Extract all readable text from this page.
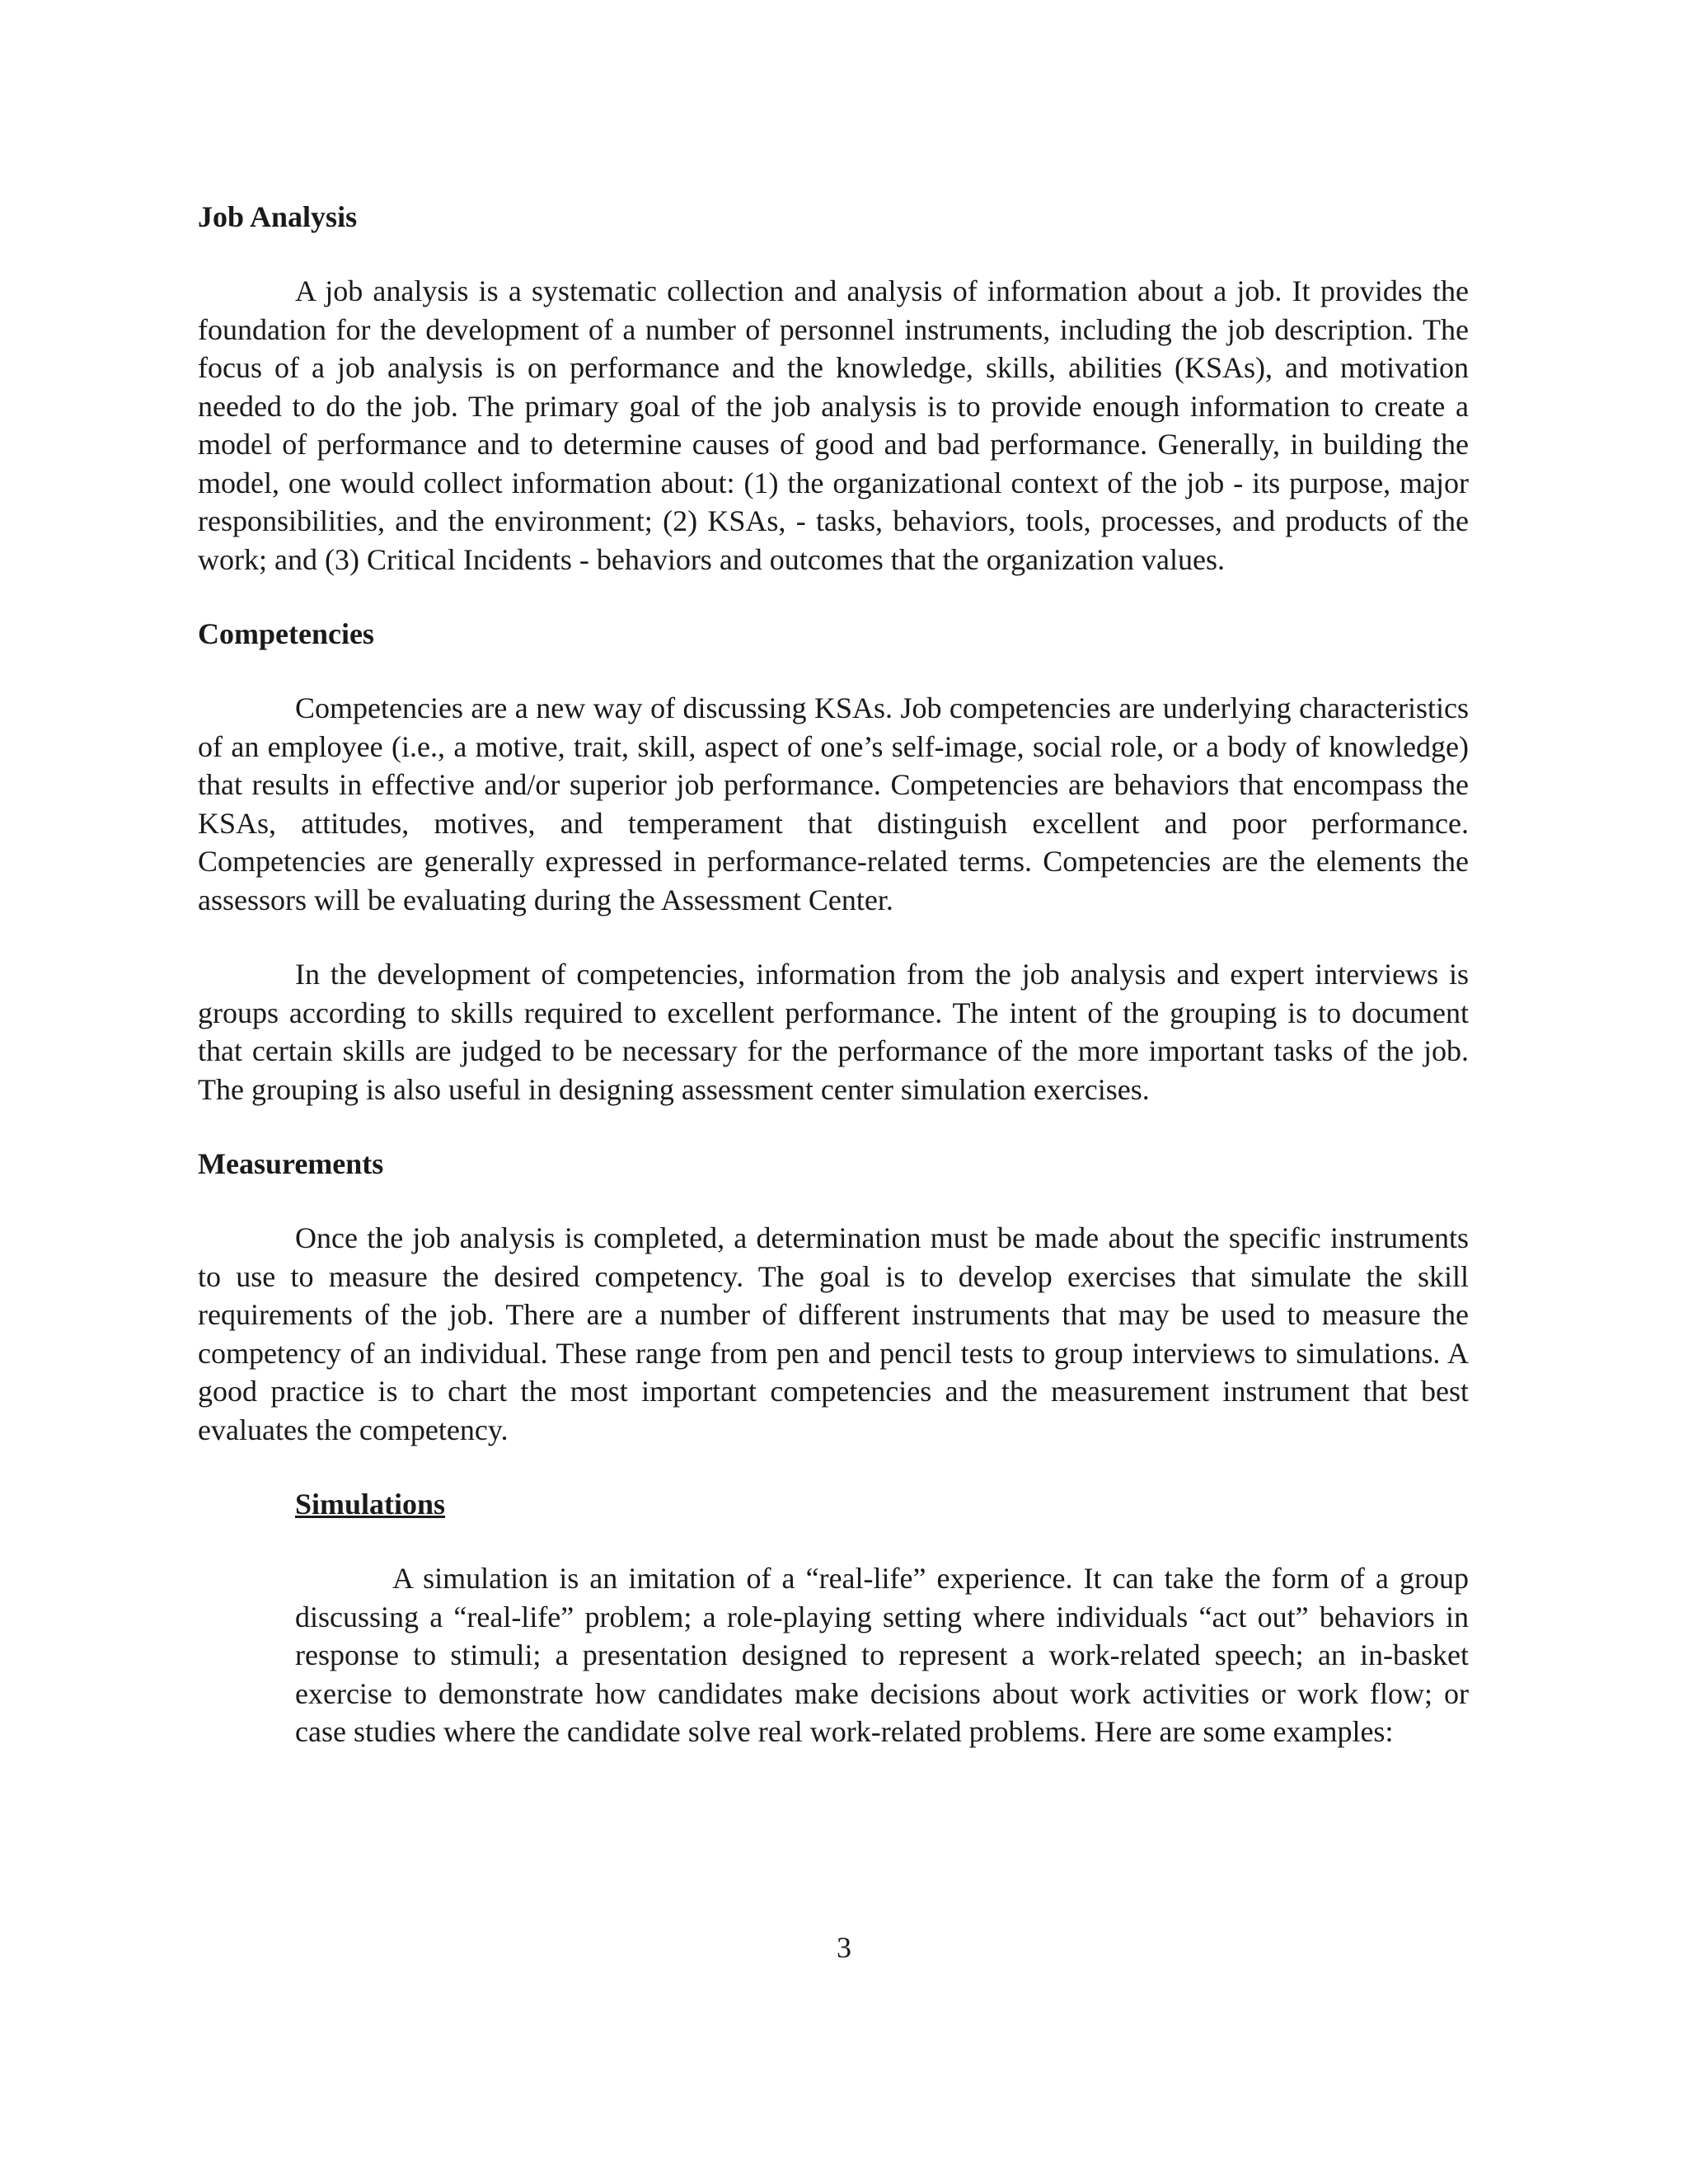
Job Analysis

A job analysis is a systematic collection and analysis of information about a job. It provides the foundation for the development of a number of personnel instruments, including the job description. The focus of a job analysis is on performance and the knowledge, skills, abilities (KSAs), and motivation needed to do the job. The primary goal of the job analysis is to provide enough information to create a model of performance and to determine causes of good and bad performance. Generally, in building the model, one would collect information about: (1) the organizational context of the job - its purpose, major responsibilities, and the environment; (2) KSAs, - tasks, behaviors, tools, processes, and products of the work; and (3) Critical Incidents - behaviors and outcomes that the organization values.

Competencies

Competencies are a new way of discussing KSAs. Job competencies are underlying characteristics of an employee (i.e., a motive, trait, skill, aspect of one’s self-image, social role, or a body of knowledge) that results in effective and/or superior job performance. Competencies are behaviors that encompass the KSAs, attitudes, motives, and temperament that distinguish excellent and poor performance. Competencies are generally expressed in performance-related terms. Competencies are the elements the assessors will be evaluating during the Assessment Center.

In the development of competencies, information from the job analysis and expert interviews is groups according to skills required to excellent performance. The intent of the grouping is to document that certain skills are judged to be necessary for the performance of the more important tasks of the job. The grouping is also useful in designing assessment center simulation exercises.

Measurements

Once the job analysis is completed, a determination must be made about the specific instruments to use to measure the desired competency. The goal is to develop exercises that simulate the skill requirements of the job. There are a number of different instruments that may be used to measure the competency of an individual. These range from pen and pencil tests to group interviews to simulations. A good practice is to chart the most important competencies and the measurement instrument that best evaluates the competency.

Simulations

A simulation is an imitation of a “real-life” experience. It can take the form of a group discussing a “real-life” problem; a role-playing setting where individuals “act out” behaviors in response to stimuli; a presentation designed to represent a work-related speech; an in-basket exercise to demonstrate how candidates make decisions about work activities or work flow; or case studies where the candidate solve real work-related problems. Here are some examples:

3
